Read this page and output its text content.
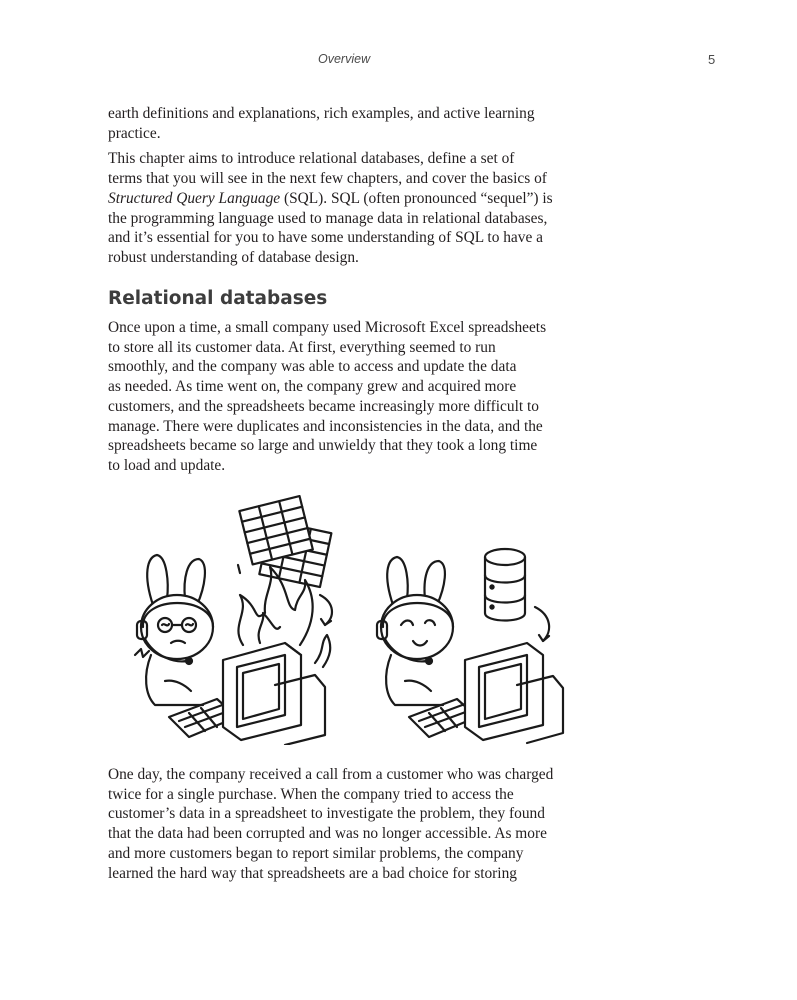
Overview	5

earth definitions and explanations, rich examples, and active learning
practice.

This chapter aims to introduce relational databases, define a set of
terms that you will see in the next few chapters, and cover the basics of
Structured Query Language (SQL). SQL (often pronounced “sequel”) is
the programming language used to manage data in relational databases,
and it’s essential for you to have some understanding of SQL to have a
robust understanding of database design.

Relational databases
Once upon a time, a small company used Microsoft Excel spreadsheets
to store all its customer data. At first, everything seemed to run
smoothly, and the company was able to access and update the data
as needed. As time went on, the company grew and acquired more
customers, and the spreadsheets became increasingly more difficult to
manage. There were duplicates and inconsistencies in the data, and the
spreadsheets became so large and unwieldy that they took a long time
to load and update.
One day, the company received a call from a customer who was charged
twice for a single purchase. When the company tried to access the
customer’s data in a spreadsheet to investigate the problem, they found
that the data had been corrupted and was no longer accessible. As more
and more customers began to report similar problems, the company
learned the hard way that spreadsheets are a bad choice for storing
